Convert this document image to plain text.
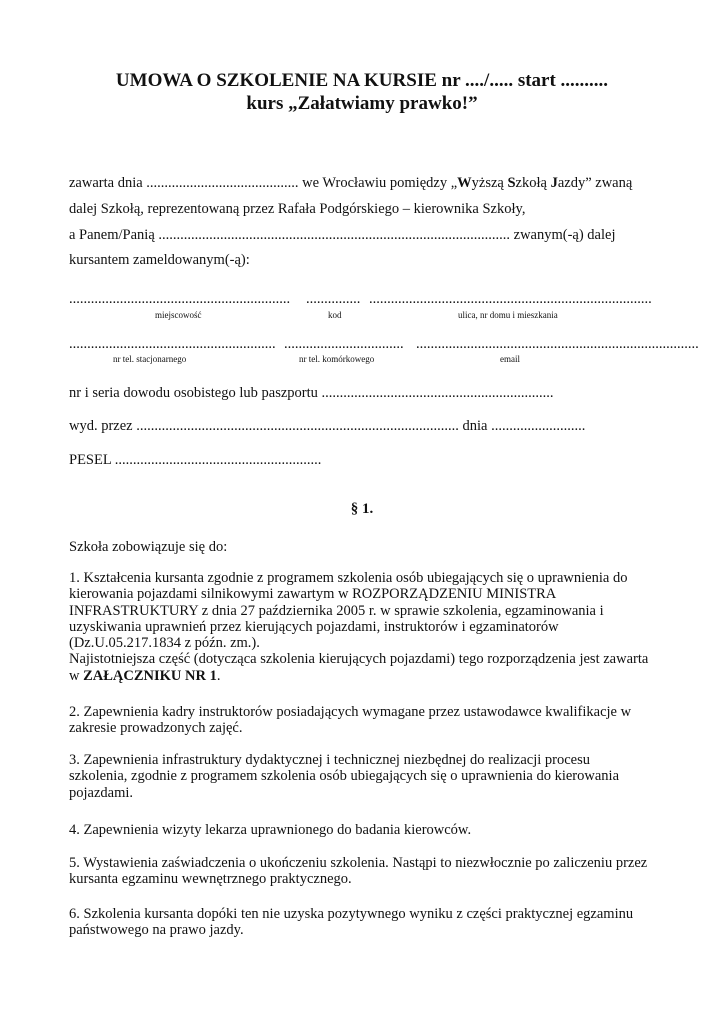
UMOWA O SZKOLENIE NA KURSIE nr ..../..... start ..........
kurs „Załatwiamy prawko!”
zawarta dnia .......................................... we Wrocławiu pomiędzy „Wyższą Szkołą Jazdy” zwaną
dalej Szkołą, reprezentowaną przez Rafała Podgórskiego – kierownika Szkoły,
a Panem/Panią ................................................................................................. zwanym(-ą) dalej
kursantem zameldowanym(-ą):
............................................................. ............... ..............................................................................
miejscowość	kod	ulica, nr domu i mieszkania
......................................................... ................................. ..............................................................................
nr tel. stacjonarnego	nr tel. komórkowego	email
nr i seria dowodu osobistego lub paszportu ................................................................
wyd. przez ......................................................................................... dnia ..........................
PESEL .........................................................
§ 1.
Szkoła zobowiązuje się do:
1. Kształcenia kursanta zgodnie z programem szkolenia osób ubiegających się o uprawnienia do
kierowania pojazdami silnikowymi zawartym w ROZPORZĄDZENIU MINISTRA
INFRASTRUKTURY z dnia 27 października 2005 r. w sprawie szkolenia, egzaminowania i
uzyskiwania uprawnień przez kierujących pojazdami, instruktorów i egzaminatorów
(Dz.U.05.217.1834 z późn. zm.).
Najistotniejsza część (dotycząca szkolenia kierujących pojazdami) tego rozporządzenia jest zawarta
w ZAŁĄCZNIKU NR 1.
2. Zapewnienia kadry instruktorów posiadających wymagane przez ustawodawce kwalifikacje w
zakresie prowadzonych zajęć.
3. Zapewnienia infrastruktury dydaktycznej i technicznej niezbędnej do realizacji procesu
szkolenia, zgodnie z programem szkolenia osób ubiegających się o uprawnienia do kierowania
pojazdami.
4. Zapewnienia wizyty lekarza uprawnionego do badania kierowców.
5. Wystawienia zaświadczenia o ukończeniu szkolenia. Nastąpi to niezwłocznie po zaliczeniu przez
kursanta egzaminu wewnętrznego praktycznego.
6. Szkolenia kursanta dopóki ten nie uzyska pozytywnego wyniku z części praktycznej egzaminu
państwowego na prawo jazdy.
